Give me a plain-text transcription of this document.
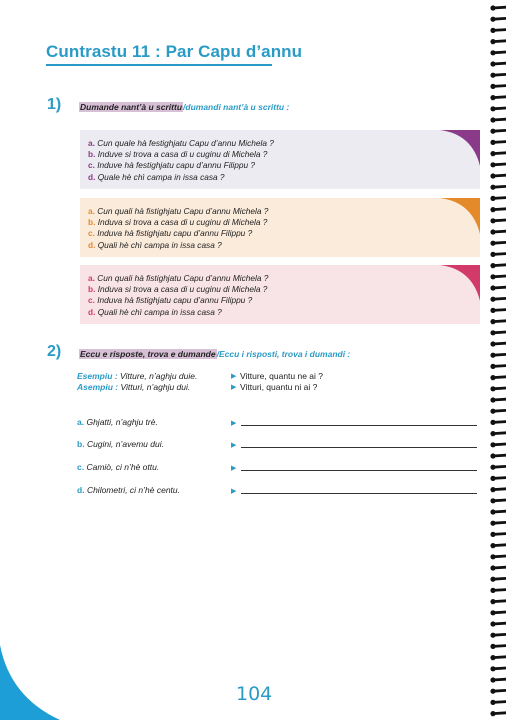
Cuntrastu 11 : Par Capu d’annu
1) Dumande nant’à u scrittu/dumandi nant’à u scrittu :
a. Cun quale hà festighjatu Capu d’annu Michela ?
b. Induve si trova a casa di u cuginu di Michela ?
c. Induve hà festighjatu capu d’annu Filippu ?
d. Quale hè chì campa in issa casa ?
a. Cun quali hà fistighjatu Capu d’annu Michela ?
b. Induva si trova a casa di u cuginu di Michela ?
c. Induva hà fistighjatu capu d’annu Filippu ?
d. Quali hè chì campa in issa casa ?
a. Cun quali hà fistighjatu Capu d’annu Michela ?
b. Induva si trova a casa di u cuginu di Michela ?
c. Induva hà fistighjatu capu d’annu Filippu ?
d. Quali hè chì campa in issa casa ?
2) Eccu e risposte, trova e dumande/Eccu i risposti, trova i dumandi :
Esempiu : Vitture, n’aghju duie.	▶ Vitture, quantu ne ai ?
Asempiu : Vitturi, n’aghju dui.	▶ Vitturi, quantu ni ai ?
a. Ghjatti, n’aghju trè.	▶
b. Cugini, n’avemu dui.	▶
c. Camiò, ci n’hè ottu.	▶
d. Chilometri, ci n’hè centu.	▶
104
